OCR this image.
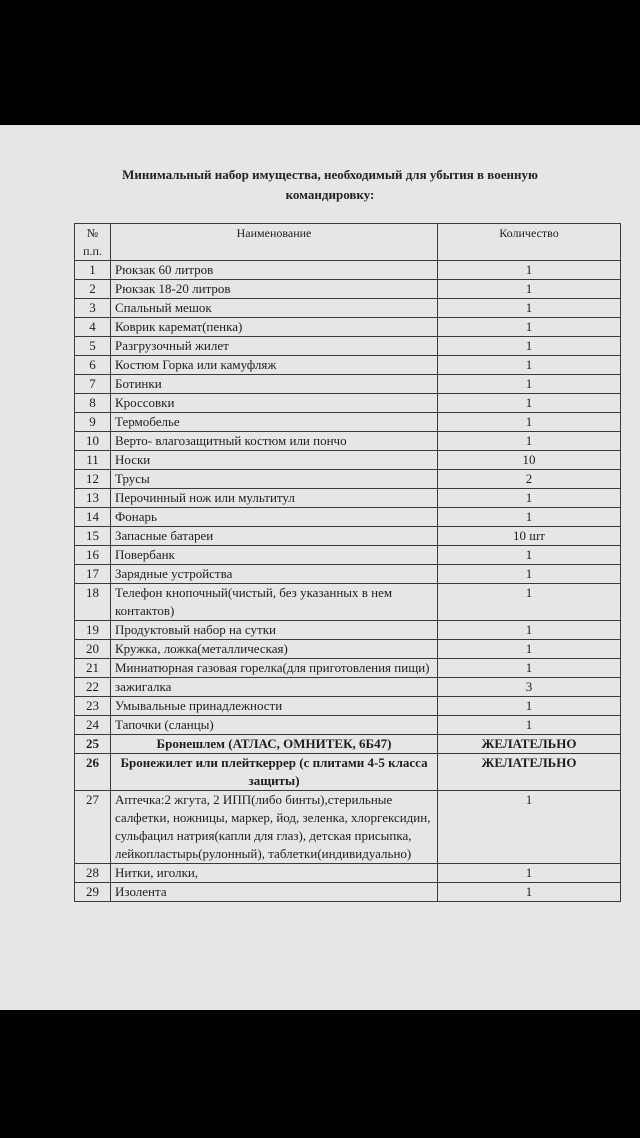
Минимальный набор имущества, необходимый для убытия в военную
командировку:
№ п.п.	Наименование	Количество
1	Рюкзак 60 литров	1
2	Рюкзак 18-20 литров	1
3	Спальный мешок	1
4	Коврик каремат(пенка)	1
5	Разгрузочный жилет	1
6	Костюм Горка или камуфляж	1
7	Ботинки	1
8	Кроссовки	1
9	Термобелье	1
10	Верто- влагозащитный костюм или пончо	1
11	Носки	10
12	Трусы	2
13	Перочинный нож или мультитул	1
14	Фонарь	1
15	Запасные батареи	10 шт
16	Повербанк	1
17	Зарядные устройства	1
18	Телефон кнопочный(чистый, без указанных в нем контактов)	1
19	Продуктовый набор на сутки	1
20	Кружка, ложка(металлическая)	1
21	Миниатюрная газовая горелка(для приготовления пищи)	1
22	зажигалка	3
23	Умывальные принадлежности	1
24	Тапочки (сланцы)	1
25	Бронешлем (АТЛАС, ОМНИТЕК, 6Б47)	ЖЕЛАТЕЛЬНО
26	Бронежилет или плейткеррер (с плитами 4-5 класса защиты)	ЖЕЛАТЕЛЬНО
27	Аптечка:2 жгута, 2 ИПП(либо бинты),стерильные салфетки, ножницы, маркер, йод, зеленка, хлоргексидин, сульфацил натрия(капли для глаз), детская присыпка, лейкопластырь(рулонный), таблетки(индивидуально)	1
28	Нитки, иголки,	1
29	Изолента	1
